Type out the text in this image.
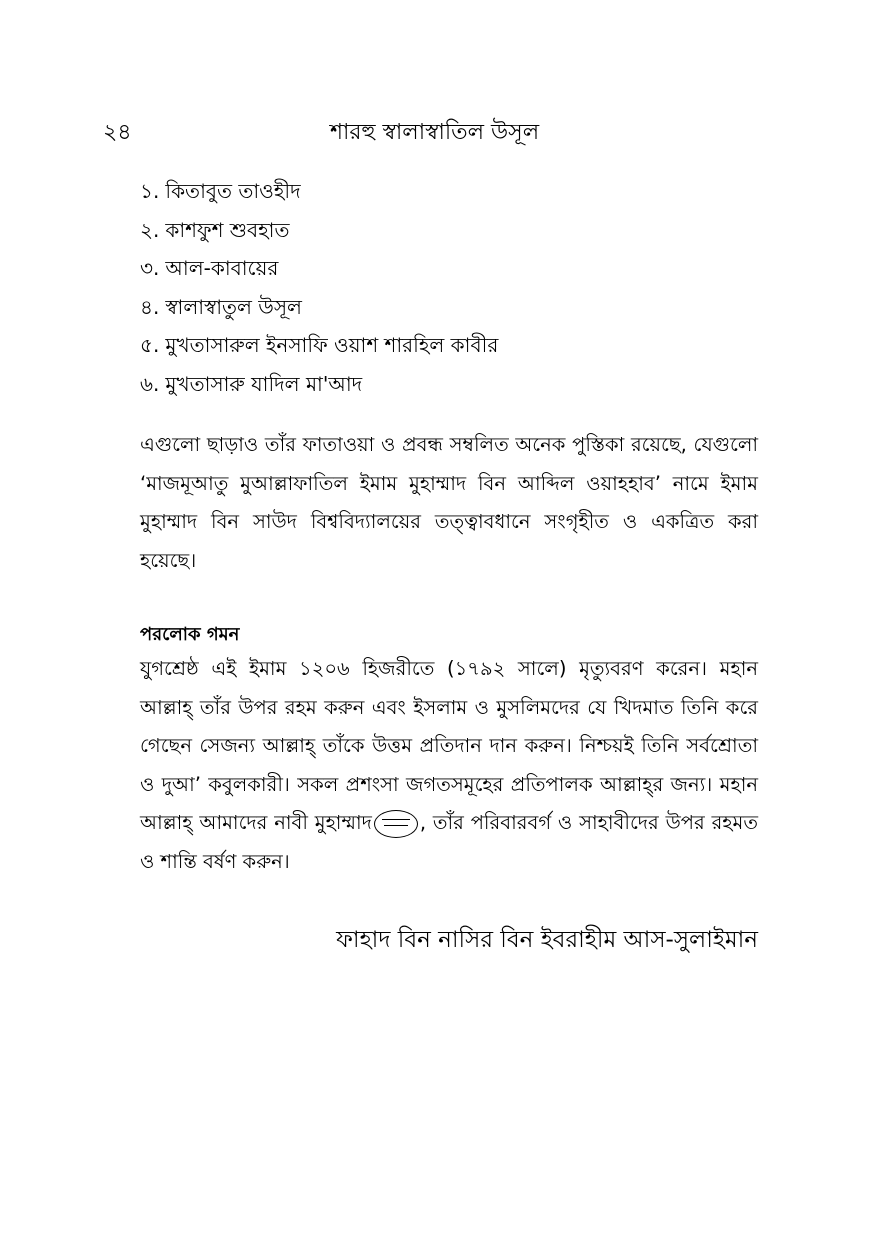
২৪	শারহু স্বালাস্বাতিল উসূল
১. কিতাবুত তাওহীদ
২. কাশফুশ শুবহাত
৩. আল-কাবায়ের
৪. স্বালাস্বাতুল উসূল
৫. মুখতাসারুল ইনসাফি ওয়াশ শারহিল কাবীর
৬. মুখতাসারু যাদিল মা'আদ

এগুলো ছাড়াও তাঁর ফাতাওয়া ও প্রবন্ধ সম্বলিত অনেক পুস্তিকা রয়েছে, যেগুলো ‘মাজমূআতু মুআল্লাফাতিল ইমাম মুহাম্মাদ বিন আব্দিল ওয়াহহাব’ নামে ইমাম মুহাম্মাদ বিন সাউদ বিশ্ববিদ্যালয়ের তত্ত্বাবধানে সংগৃহীত ও একত্রিত করা হয়েছে।

পরলোক গমন

যুগশ্রেষ্ঠ এই ইমাম ১২০৬ হিজরীতে (১৭৯২ সালে) মৃত্যুবরণ করেন। মহান আল্লাহ্ তাঁর উপর রহম করুন এবং ইসলাম ও মুসলিমদের যে খিদমাত তিনি করে গেছেন সেজন্য আল্লাহ্ তাঁকে উত্তম প্রতিদান দান করুন। নিশ্চয়ই তিনি সর্বশ্রোতা ও দুআ’ কবুলকারী। সকল প্রশংসা জগতসমূহের প্রতিপালক আল্লাহ্‌র জন্য। মহান আল্লাহ্ আমাদের নাবী মুহাম্মাদ , তাঁর পরিবারবর্গ ও সাহাবীদের উপর রহমত ও শান্তি বর্ষণ করুন।

ফাহাদ বিন নাসির বিন ইবরাহীম আস-সুলাইমান
